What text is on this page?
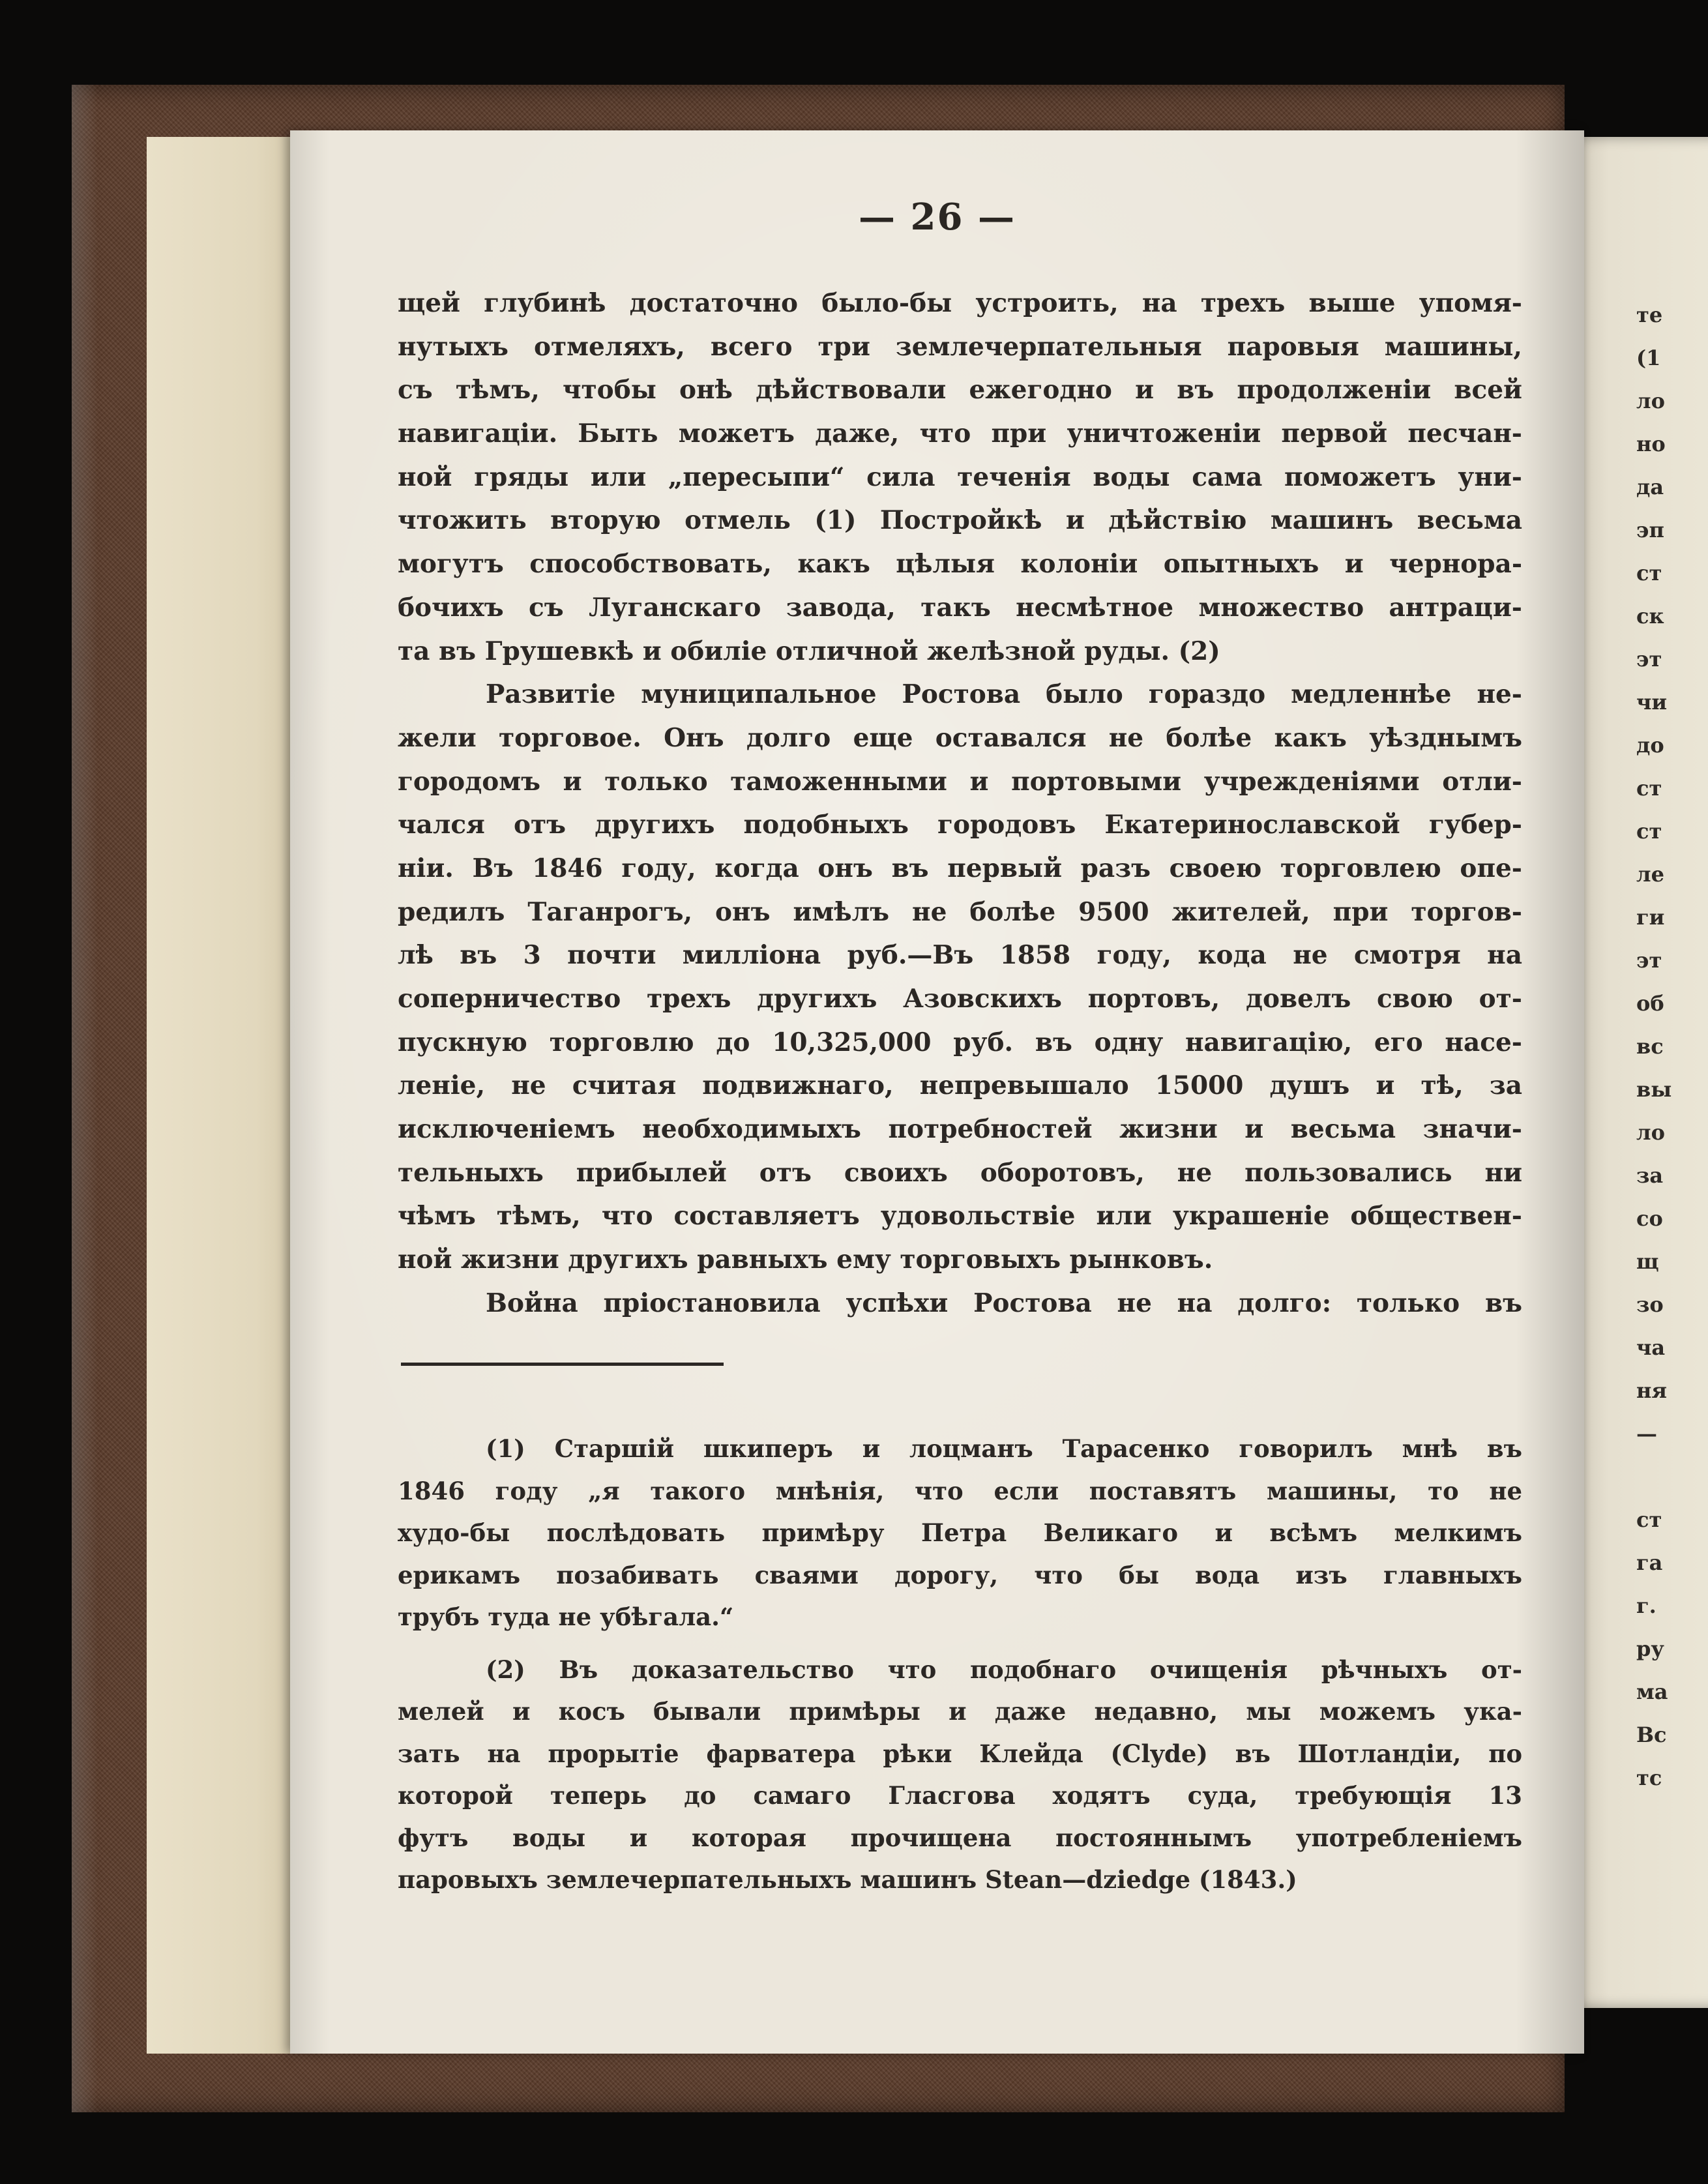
те
(1
ло
но
да
эп
ст
ск
эт
чи
до
ст
ст
ле
ги
эт
об
вс
вы
ло
за
со
щ
зо
ча
ня
—
ст
га
г.
ру
ма
Вс
тс
— 26 —
щей глубинѣ достаточно было-бы устроить, на трехъ выше упомя-
нутыхъ отмеляхъ, всего три землечерпательныя паровыя машины,
съ тѣмъ, чтобы онѣ дѣйствовали ежегодно и въ продолженіи всей
навигаціи. Быть можетъ даже, что при уничтоженіи первой песчан-
ной гряды или „пересыпи“ сила теченія воды сама поможетъ уни-
чтожить вторую отмель (1) Постройкѣ и дѣйствію машинъ весьма
могутъ способствовать, какъ цѣлыя колоніи опытныхъ и чернора-
бочихъ съ Луганскаго завода, такъ несмѣтное множество антраци-
та въ Грушевкѣ и обиліе отличной желѣзной руды. (2)
Развитіе муниципальное Ростова было гораздо медленнѣе не-
жели торговое. Онъ долго еще оставался не болѣе какъ уѣзднымъ
городомъ и только таможенными и портовыми учрежденіями отли-
чался отъ другихъ подобныхъ городовъ Екатеринославской губер-
ніи. Въ 1846 году, когда онъ въ первый разъ своею торговлею опе-
редилъ Таганрогъ, онъ имѣлъ не болѣе 9500 жителей, при торгов-
лѣ въ 3 почти милліона руб.—Въ 1858 году, кода не смотря на
соперничество трехъ другихъ Азовскихъ портовъ, довелъ свою от-
пускную торговлю до 10,325,000 руб. въ одну навигацію, его насе-
леніе, не считая подвижнаго, непревышало 15000 душъ и тѣ, за
исключеніемъ необходимыхъ потребностей жизни и весьма значи-
тельныхъ прибылей отъ своихъ оборотовъ, не пользовались ни
чѣмъ тѣмъ, что составляетъ удовольствіе или украшеніе обществен-
ной жизни другихъ равныхъ ему торговыхъ рынковъ.
Война пріостановила успѣхи Ростова не на долго: только въ
(1) Старшій шкиперъ и лоцманъ Тарасенко говорилъ мнѣ въ
1846 году „я такого мнѣнія, что если поставятъ машины, то не
худо-бы послѣдовать примѣру Петра Великаго и всѣмъ мелкимъ
ерикамъ позабивать сваями дорогу, что бы вода изъ главныхъ
трубъ туда не убѣгала.“
(2) Въ доказательство что подобнаго очищенія рѣчныхъ от-
мелей и косъ бывали примѣры и даже недавно, мы можемъ ука-
зать на прорытіе фарватера рѣки Клейда (Clyde) въ Шотландіи, по
которой теперь до самаго Гласгова ходятъ суда, требующія 13
футъ воды и которая прочищена постояннымъ употребленіемъ
паровыхъ землечерпательныхъ машинъ Stean—dziedge (1843.)
